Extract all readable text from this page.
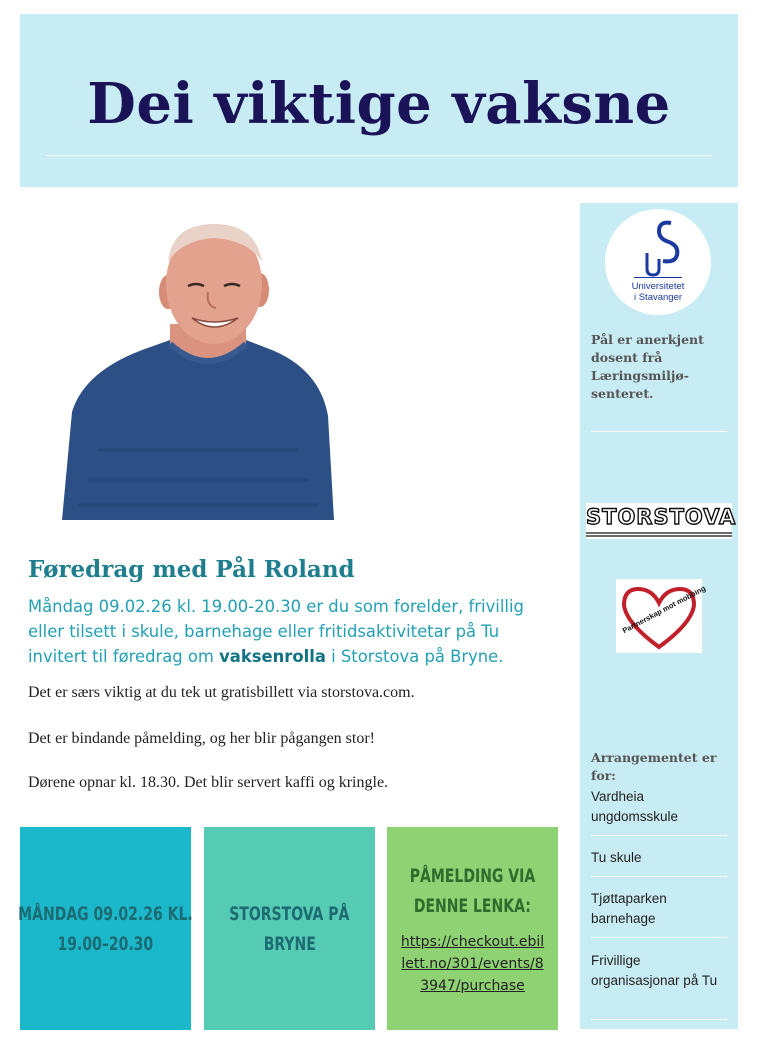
Dei viktige vaksne
Føredrag med Pål Roland

Måndag 09.02.26 kl. 19.00-20.30 er du som forelder, frivillig eller tilsett i skule, barnehage eller fritidsaktivitetar på Tu invitert til føredrag om vaksenrolla i Storstova på Bryne.

Det er særs viktig at du tek ut gratisbillett via storstova.com.

Det er bindande påmelding, og her blir pågangen stor!

Dørene opnar kl. 18.30. Det blir servert kaffi og kringle.

MÅNDAG 09.02.26 KL.
19.00–20.30
STORSTOVA PÅ
BRYNE
PÅMELDING VIA
DENNE LENKA:
https://checkout.ebillett.no/301/events/83947/purchase
Universitetet
i Stavanger
Pål er anerkjent dosent frå Læringsmiljø-senteret.
STORSTOVA
Partnerskap mot mobbing
Arrangementet er for:
Vardheia ungdomsskule
Tu skule
Tjøttaparken barnehage
Frivillige organisasjonar på Tu
